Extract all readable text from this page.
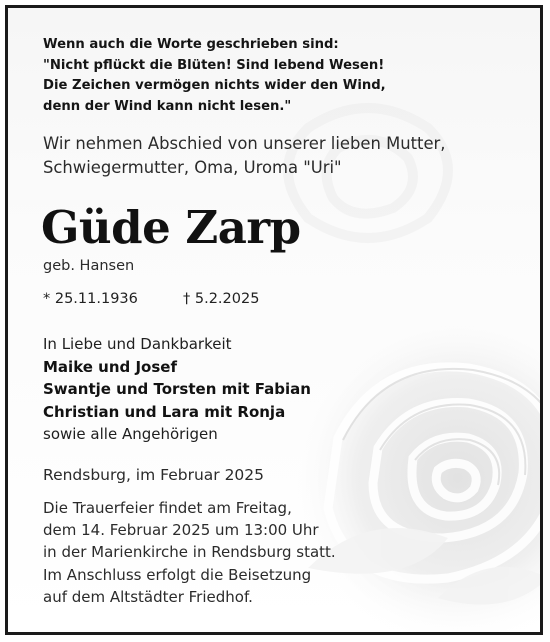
Wenn auch die Worte geschrieben sind:
"Nicht pflückt die Blüten! Sind lebend Wesen!
Die Zeichen vermögen nichts wider den Wind,
denn der Wind kann nicht lesen."
Wir nehmen Abschied von unserer lieben Mutter,
Schwiegermutter, Oma, Uroma "Uri"
Güde Zarp
geb. Hansen
* 25.11.1936	† 5.2.2025
In Liebe und Dankbarkeit
Maike und Josef
Swantje und Torsten mit Fabian
Christian und Lara mit Ronja
sowie alle Angehörigen
Rendsburg, im Februar 2025
Die Trauerfeier findet am Freitag,
dem 14. Februar 2025 um 13:00 Uhr
in der Marienkirche in Rendsburg statt.
Im Anschluss erfolgt die Beisetzung
auf dem Altstädter Friedhof.
